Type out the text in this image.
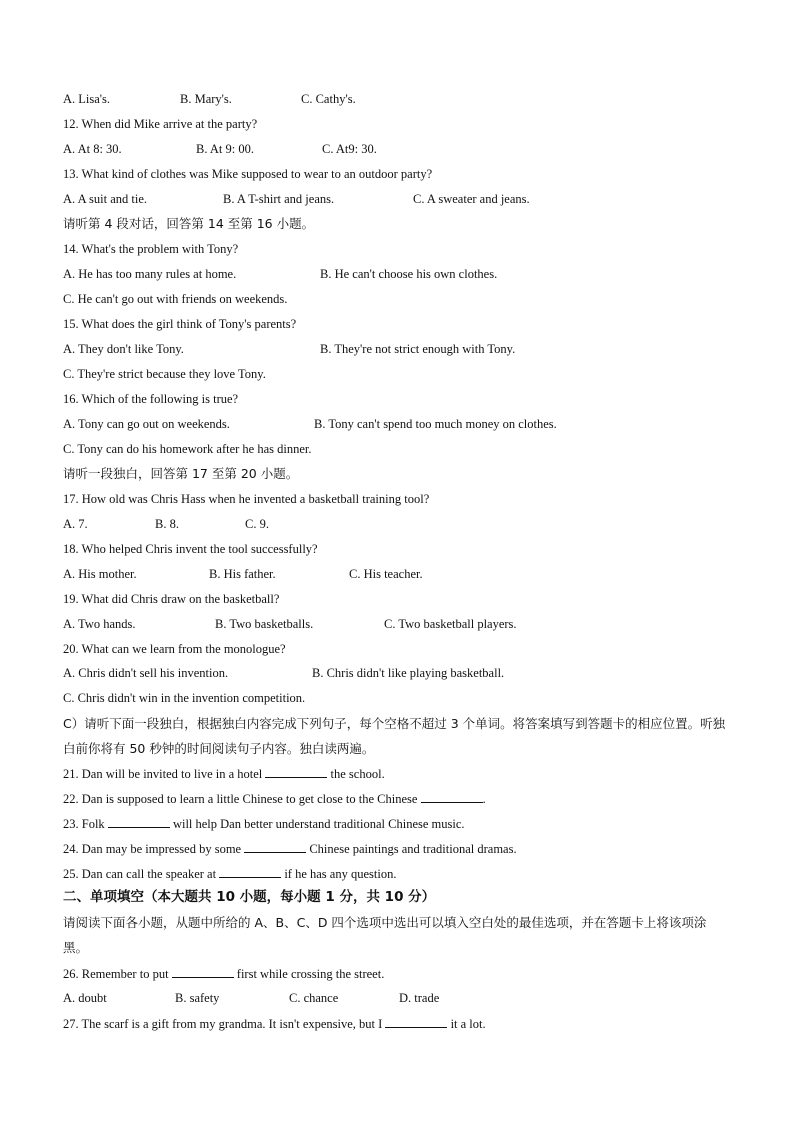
A. Lisa's.	B. Mary's.	C. Cathy's.
12. When did Mike arrive at the party?
A. At 8: 30.	B. At 9: 00.	C. At9: 30.
13. What kind of clothes was Mike supposed to wear to an outdoor party?
A. A suit and tie.	B. A T-shirt and jeans.	C. A sweater and jeans.
请听第 4 段对话，回答第 14 至第 16 小题。
14. What's the problem with Tony?
A. He has too many rules at home.	B. He can't choose his own clothes.
C. He can't go out with friends on weekends.
15. What does the girl think of Tony's parents?
A. They don't like Tony.	B. They're not strict enough with Tony.
C. They're strict because they love Tony.
16. Which of the following is true?
A. Tony can go out on weekends.	B. Tony can't spend too much money on clothes.
C. Tony can do his homework after he has dinner.
请听一段独白，回答第 17 至第 20 小题。
17. How old was Chris Hass when he invented a basketball training tool?
A. 7.	B. 8.	C. 9.
18. Who helped Chris invent the tool successfully?
A. His mother.	B. His father.	C. His teacher.
19. What did Chris draw on the basketball?
A. Two hands.	B. Two basketballs.	C. Two basketball players.
20. What can we learn from the monologue?
A. Chris didn't sell his invention.	B. Chris didn't like playing basketball.
C. Chris didn't win in the invention competition.
C）请听下面一段独白，根据独白内容完成下列句子，每个空格不超过 3 个单词。将答案填写到答题卡的相应位置。听独白前你将有 50 秒钟的时间阅读句子内容。独白读两遍。
21. Dan will be invited to live in a hotel	the school.
22. Dan is supposed to learn a little Chinese to get close to the Chinese	.
23. Folk	will help Dan better understand traditional Chinese music.
24. Dan may be impressed by some	Chinese paintings and traditional dramas.
25. Dan can call the speaker at	if he has any question.
二、单项填空（本大题共 10 小题，每小题 1 分，共 10 分）
请阅读下面各小题，从题中所给的 A、B、C、D 四个选项中选出可以填入空白处的最佳选项，并在答题卡上将该项涂黑。
26. Remember to put	first while crossing the street.
A. doubt	B. safety	C. chance	D. trade
27. The scarf is a gift from my grandma. It isn't expensive, but I	it a lot.
